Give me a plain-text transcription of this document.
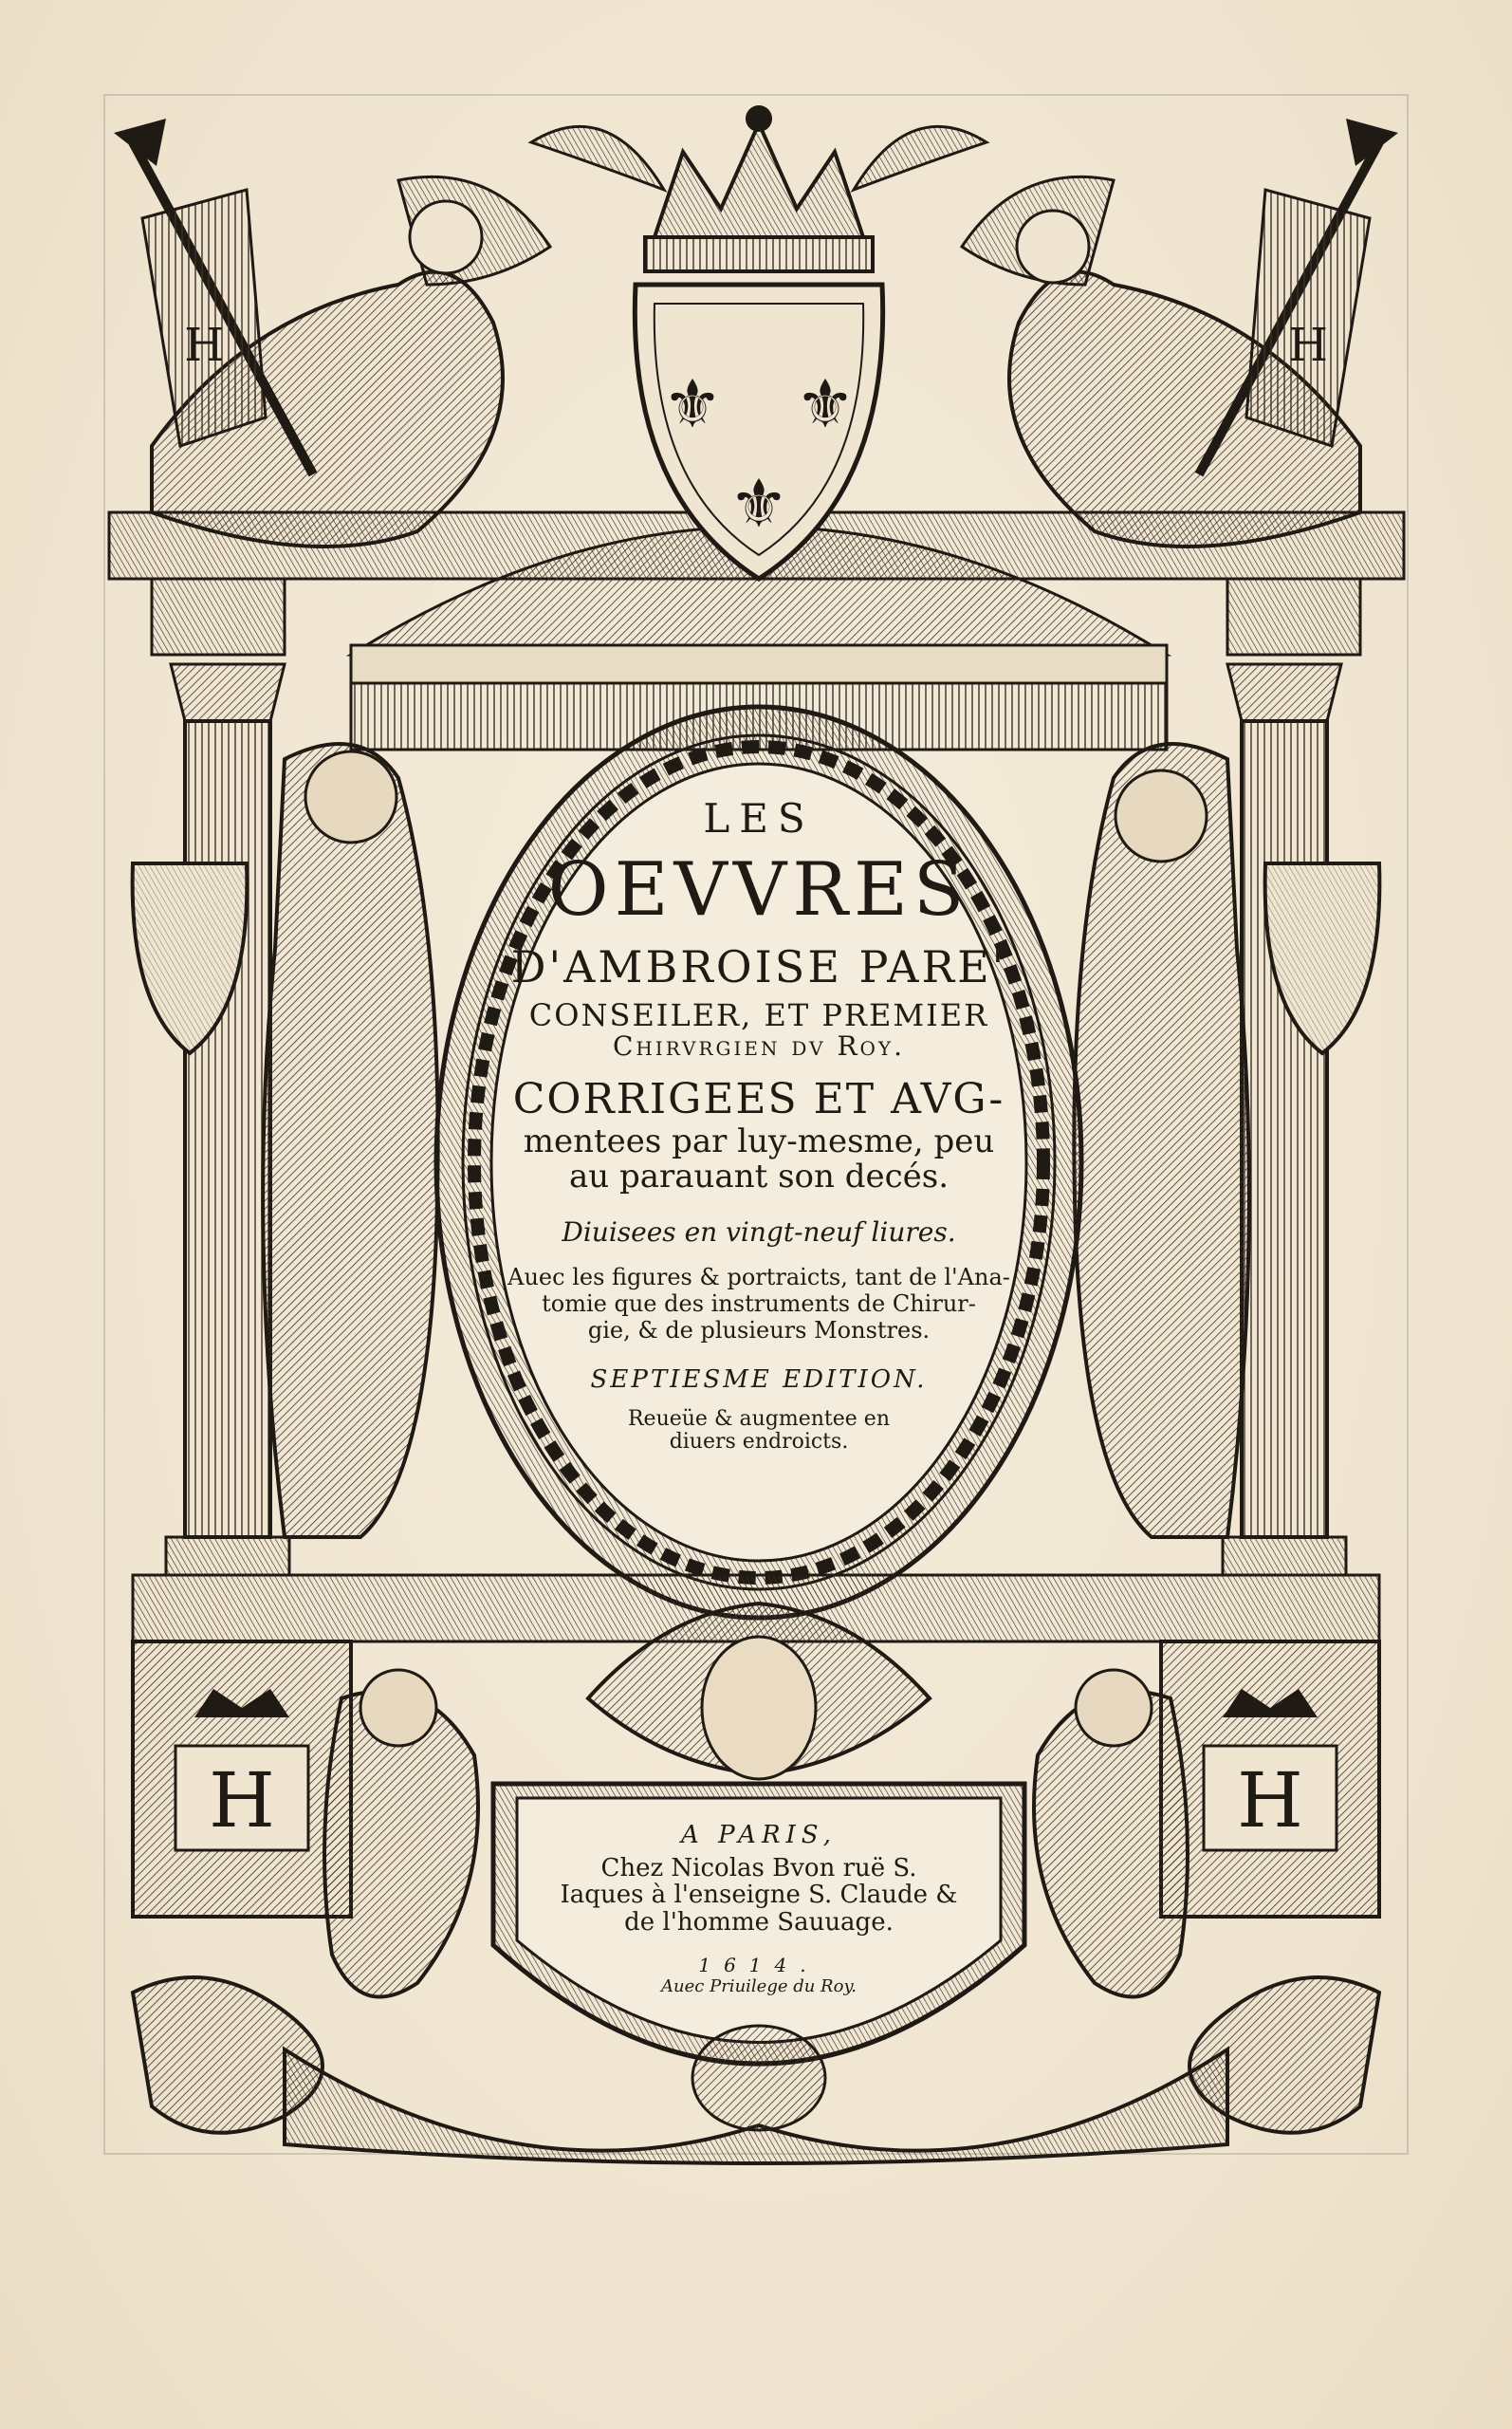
⚜ ⚜
⚜
H	H
H	H
LES
OEVVRES
D'AMBROISE PARE'
CONSEILER, ET PREMIER
Chirvrgien dv Roy.
CORRIGEES ET AVG-
mentees par luy-mesme, peu
au parauant son decés.
Diuisees en vingt-neuf liures.
Auec les figures & portraicts, tant de l'Ana-
tomie que des instruments de Chirur-
gie, & de plusieurs Monstres.
SEPTIESME EDITION.
Reueüe & augmentee en
diuers endroicts.
A PARIS,
Chez Nicolas Bvon ruë S.
Iaques à l'enseigne S. Claude &
de l'homme Sauuage.
1614.
Auec Priuilege du Roy.
